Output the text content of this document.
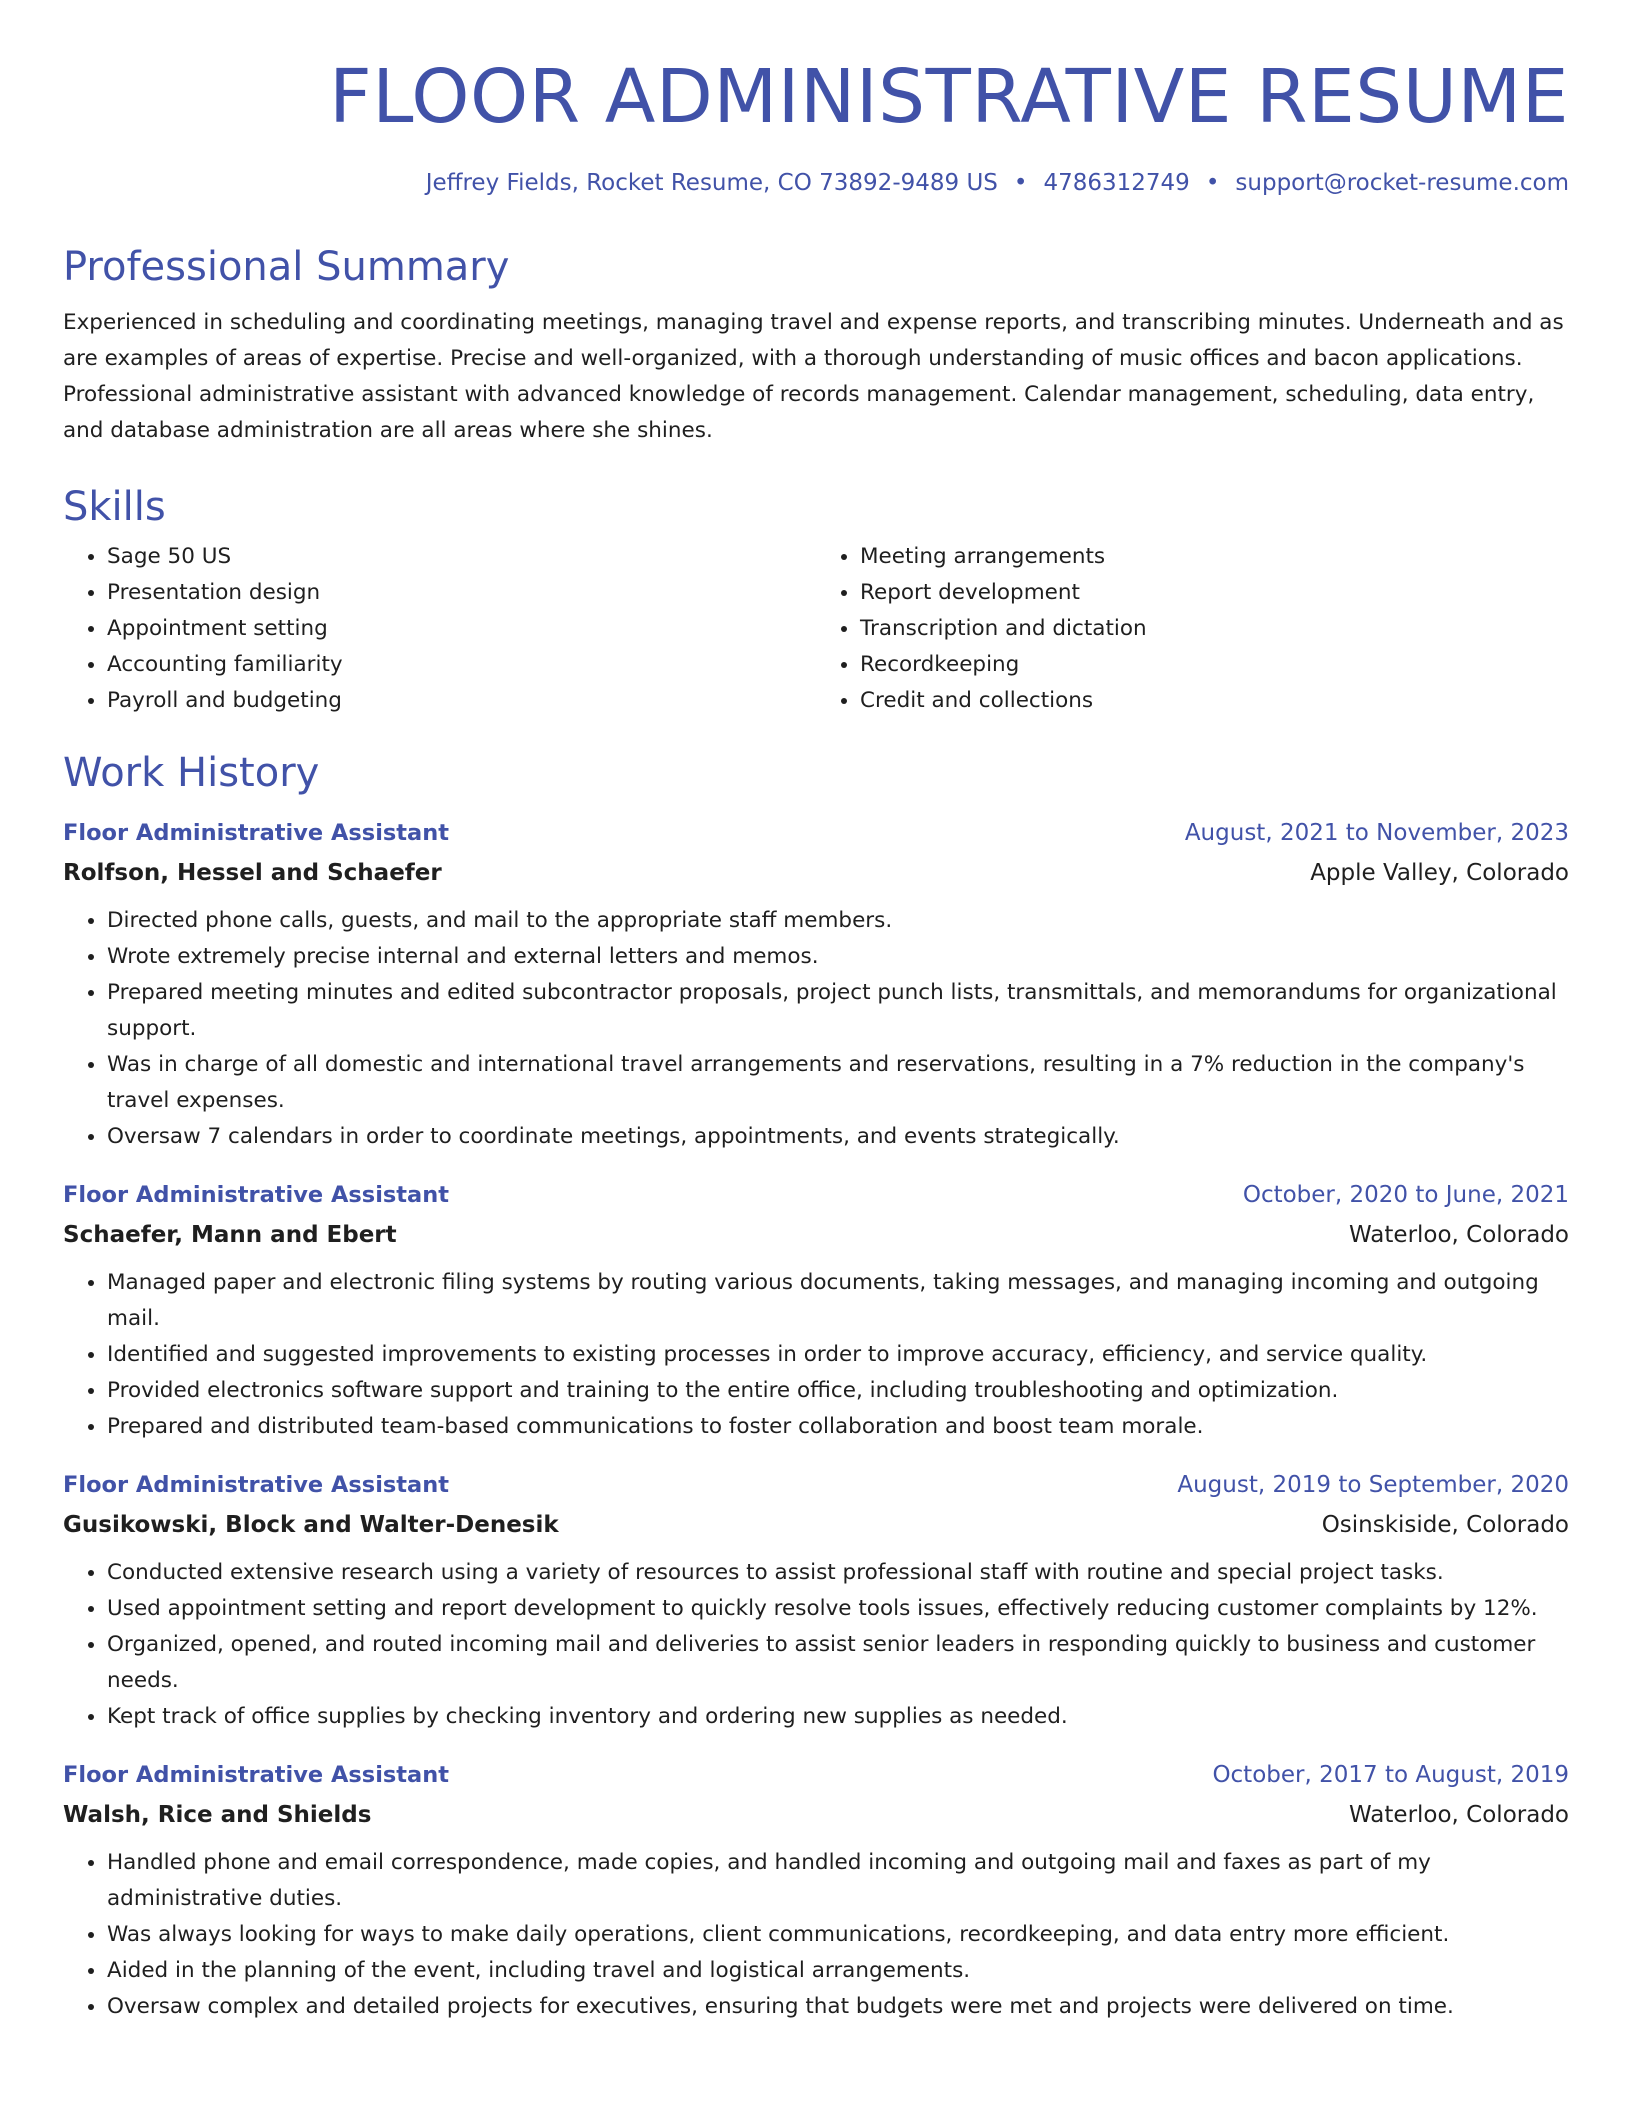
FLOOR ADMINISTRATIVE RESUME
Jeffrey Fields, Rocket Resume, CO 73892-9489 US • 4786312749 • support@rocket-resume.com
Professional Summary

Experienced in scheduling and coordinating meetings, managing travel and expense reports, and transcribing minutes. Underneath and as are examples of areas of expertise. Precise and well-organized, with a thorough understanding of music offices and bacon applications. Professional administrative assistant with advanced knowledge of records management. Calendar management, scheduling, data entry, and database administration are all areas where she shines.

Skills
• Sage 50 US
• Presentation design
• Appointment setting
• Accounting familiarity
• Payroll and budgeting
• Meeting arrangements
• Report development
• Transcription and dictation
• Recordkeeping
• Credit and collections
Work History
Floor Administrative Assistant	August, 2021 to November, 2023
Rolfson, Hessel and Schaefer	Apple Valley, Colorado
• Directed phone calls, guests, and mail to the appropriate staff members.
• Wrote extremely precise internal and external letters and memos.
• Prepared meeting minutes and edited subcontractor proposals, project punch lists, transmittals, and memorandums for organizational support.
• Was in charge of all domestic and international travel arrangements and reservations, resulting in a 7% reduction in the company's travel expenses.
• Oversaw 7 calendars in order to coordinate meetings, appointments, and events strategically.
Floor Administrative Assistant	October, 2020 to June, 2021
Schaefer, Mann and Ebert	Waterloo, Colorado
• Managed paper and electronic filing systems by routing various documents, taking messages, and managing incoming and outgoing mail.
• Identified and suggested improvements to existing processes in order to improve accuracy, efficiency, and service quality.
• Provided electronics software support and training to the entire office, including troubleshooting and optimization.
• Prepared and distributed team-based communications to foster collaboration and boost team morale.
Floor Administrative Assistant	August, 2019 to September, 2020
Gusikowski, Block and Walter-Denesik	Osinskiside, Colorado
• Conducted extensive research using a variety of resources to assist professional staff with routine and special project tasks.
• Used appointment setting and report development to quickly resolve tools issues, effectively reducing customer complaints by 12%.
• Organized, opened, and routed incoming mail and deliveries to assist senior leaders in responding quickly to business and customer needs.
• Kept track of office supplies by checking inventory and ordering new supplies as needed.
Floor Administrative Assistant	October, 2017 to August, 2019
Walsh, Rice and Shields	Waterloo, Colorado
• Handled phone and email correspondence, made copies, and handled incoming and outgoing mail and faxes as part of my administrative duties.
• Was always looking for ways to make daily operations, client communications, recordkeeping, and data entry more efficient.
• Aided in the planning of the event, including travel and logistical arrangements.
• Oversaw complex and detailed projects for executives, ensuring that budgets were met and projects were delivered on time.
